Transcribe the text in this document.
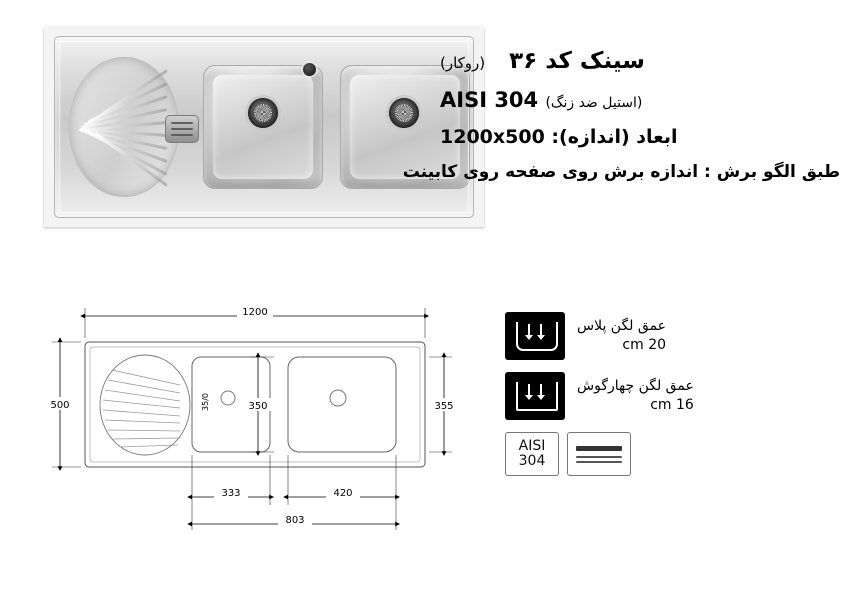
سینک کد ۳۶ (روکار)
(استیل ضد زنگ) AISI 304
ابعاد (اندازه): 1200x500
طبق الگو برش : اندازه برش روی صفحه روی کابینت
1200
500	355
350
35/0
333	420
803
عمق لگن پلاس
20 cm
عمق لگن چهارگوش
16 cm
AISI
304
